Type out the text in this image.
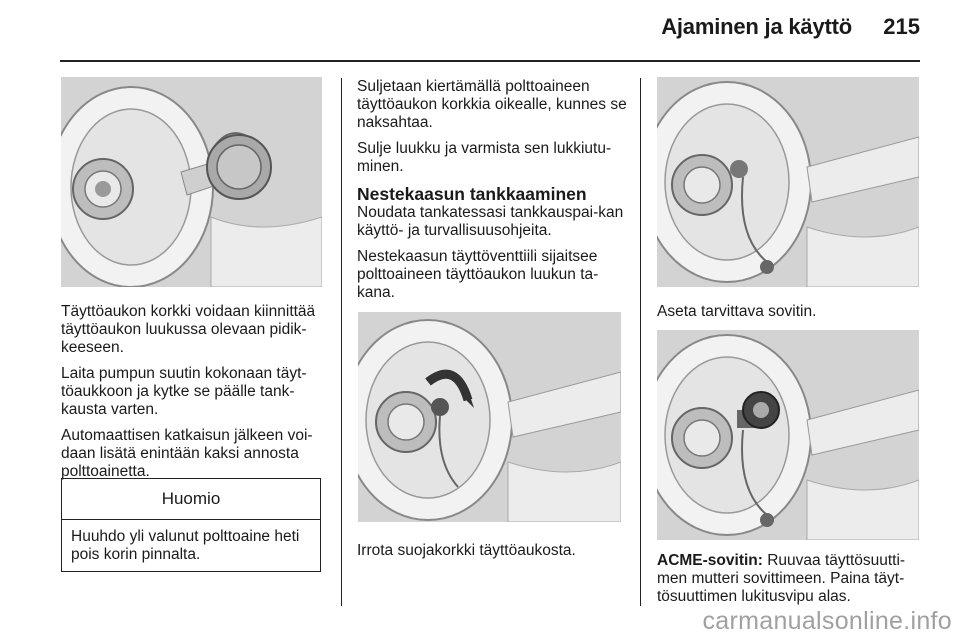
Ajaminen ja käyttö 215

Täyttöaukon korkki voidaan kiinnittää täyttöaukon luukussa olevaan pidik-keeseen.

Laita pumpun suutin kokonaan täyt-töaukkoon ja kytke se päälle tank-kausta varten.

Automaattisen katkaisun jälkeen voi-daan lisätä enintään kaksi annosta polttoainetta.

Huomio
Huuhdo yli valunut polttoaine heti pois korin pinnalta.

Suljetaan kiertämällä polttoaineen täyttöaukon korkkia oikealle, kunnes se naksahtaa.

Sulje luukku ja varmista sen lukkiutu-minen.

Nestekaasun tankkaaminen

Noudata tankatessasi tankkauspai-kan käyttö- ja turvallisuusohjeita.

Nestekaasun täyttöventtiili sijaitsee polttoaineen täyttöaukon luukun ta-kana.

Irrota suojakorkki täyttöaukosta.
Aseta tarvittava sovitin.
ACME-sovitin: Ruuvaa täyttösuutti-men mutteri sovittimeen. Paina täyt-tösuuttimen lukitusvipu alas.
carmanualsonline.info
